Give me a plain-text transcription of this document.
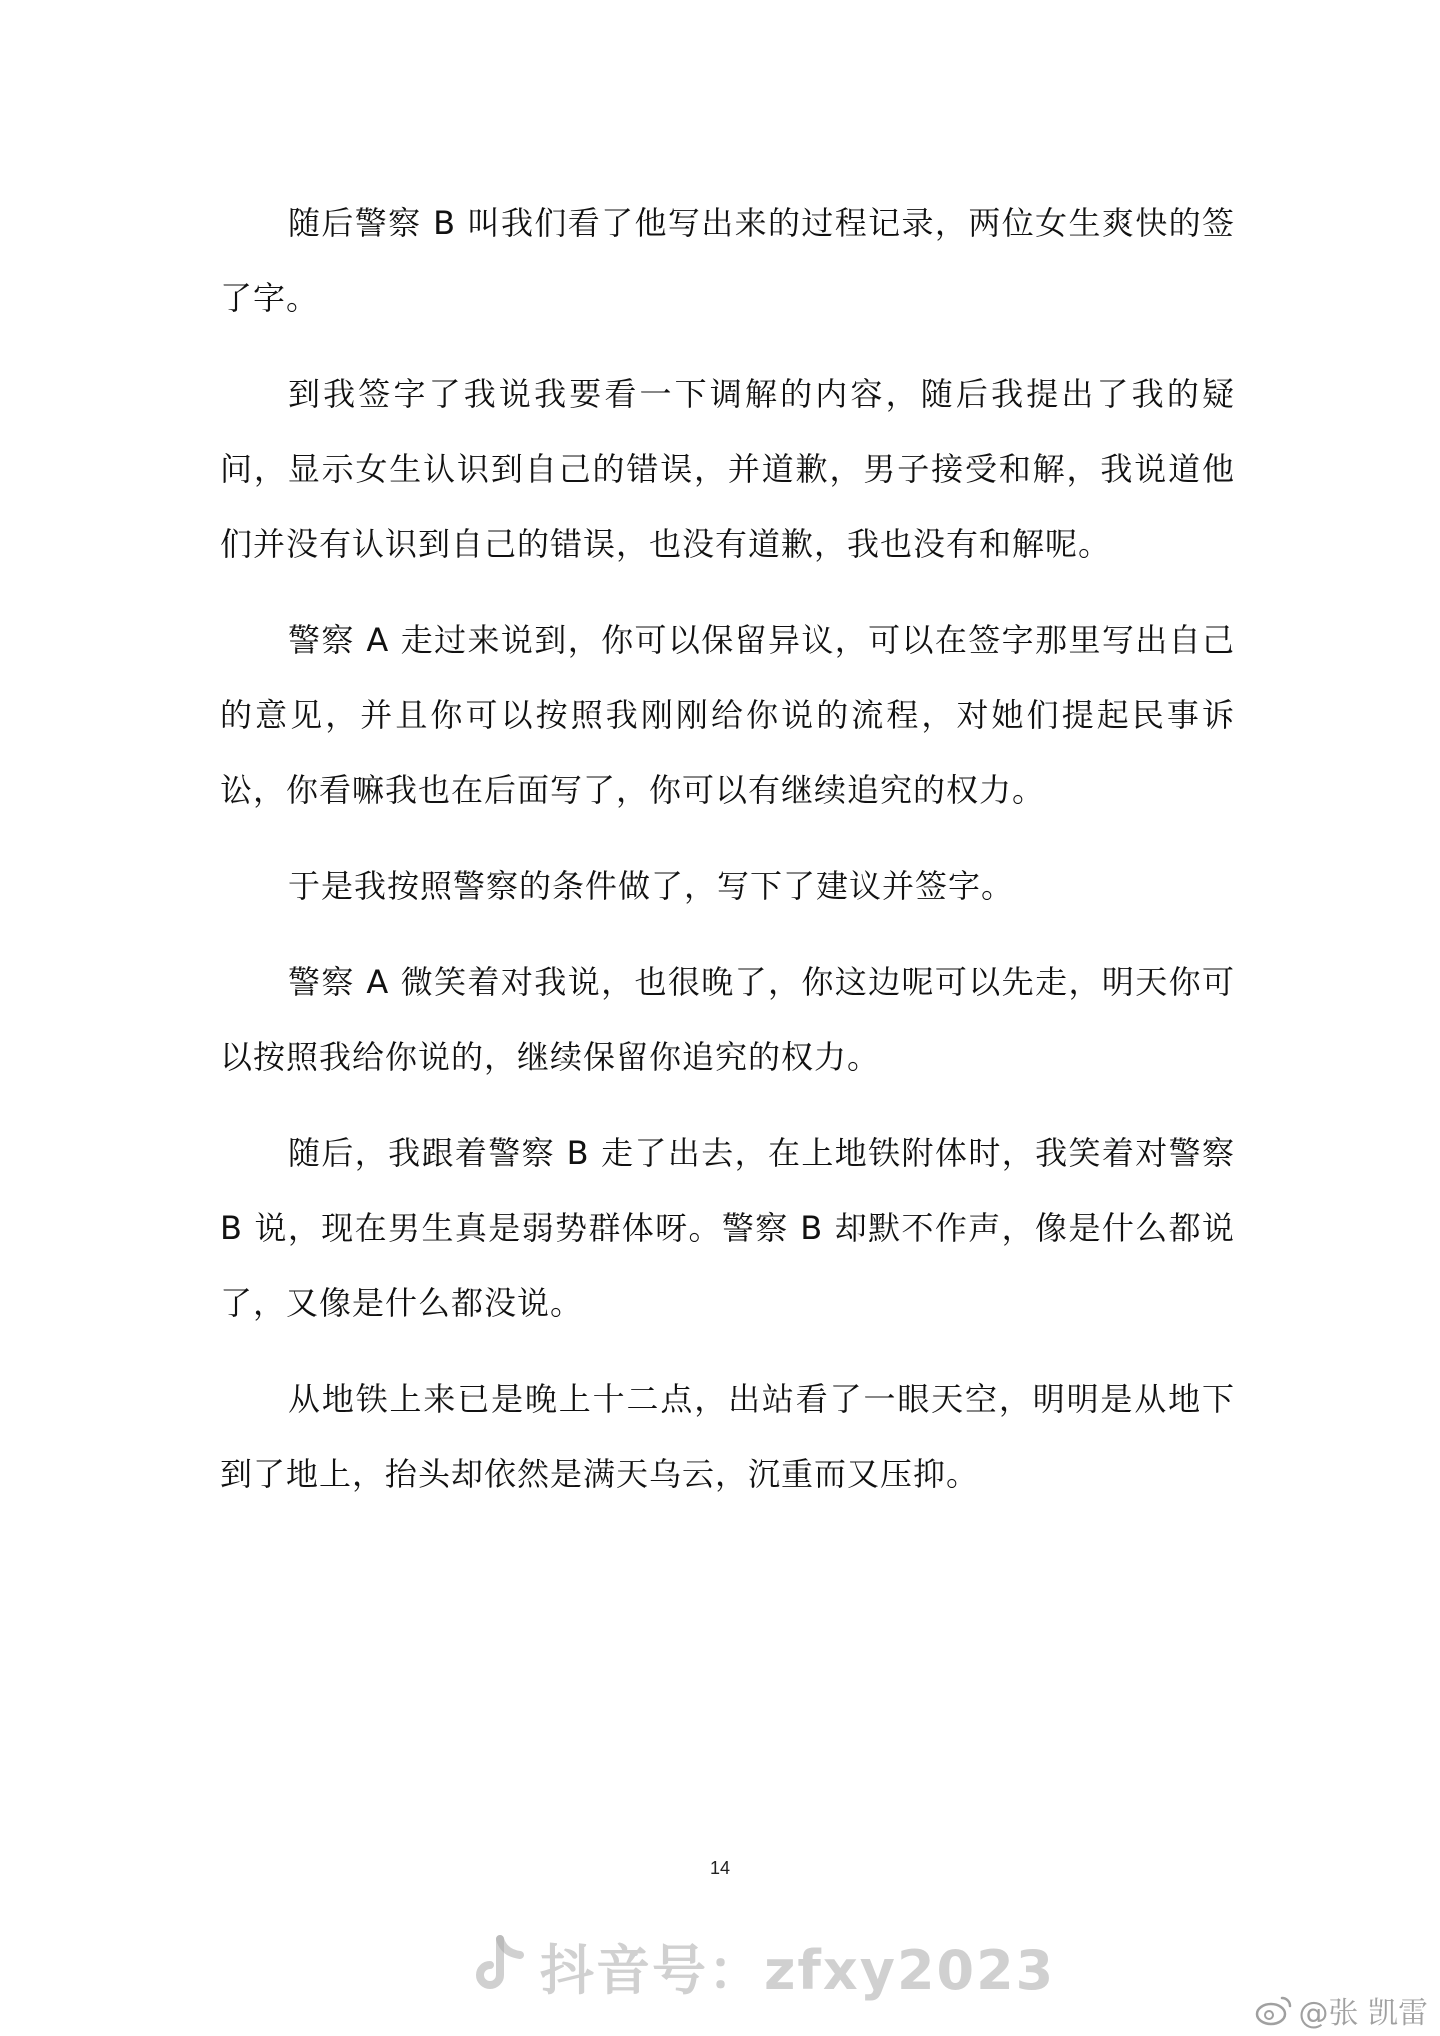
随后警察 B 叫我们看了他写出来的过程记录，两位女生爽快的签了字。

到我签字了我说我要看一下调解的内容，随后我提出了我的疑问，显示女生认识到自己的错误，并道歉，男子接受和解，我说道他们并没有认识到自己的错误，也没有道歉，我也没有和解呢。

警察 A 走过来说到，你可以保留异议，可以在签字那里写出自己的意见，并且你可以按照我刚刚给你说的流程，对她们提起民事诉讼，你看嘛我也在后面写了，你可以有继续追究的权力。

于是我按照警察的条件做了，写下了建议并签字。

警察 A 微笑着对我说，也很晚了，你这边呢可以先走，明天你可以按照我给你说的，继续保留你追究的权力。

随后，我跟着警察 B 走了出去，在上地铁附体时，我笑着对警察 B 说，现在男生真是弱势群体呀。警察 B 却默不作声，像是什么都说了，又像是什么都没说。

从地铁上来已是晚上十二点，出站看了一眼天空，明明是从地下到了地上，抬头却依然是满天乌云，沉重而又压抑。

14
抖音号：zfxy2023
@张 凯雷
